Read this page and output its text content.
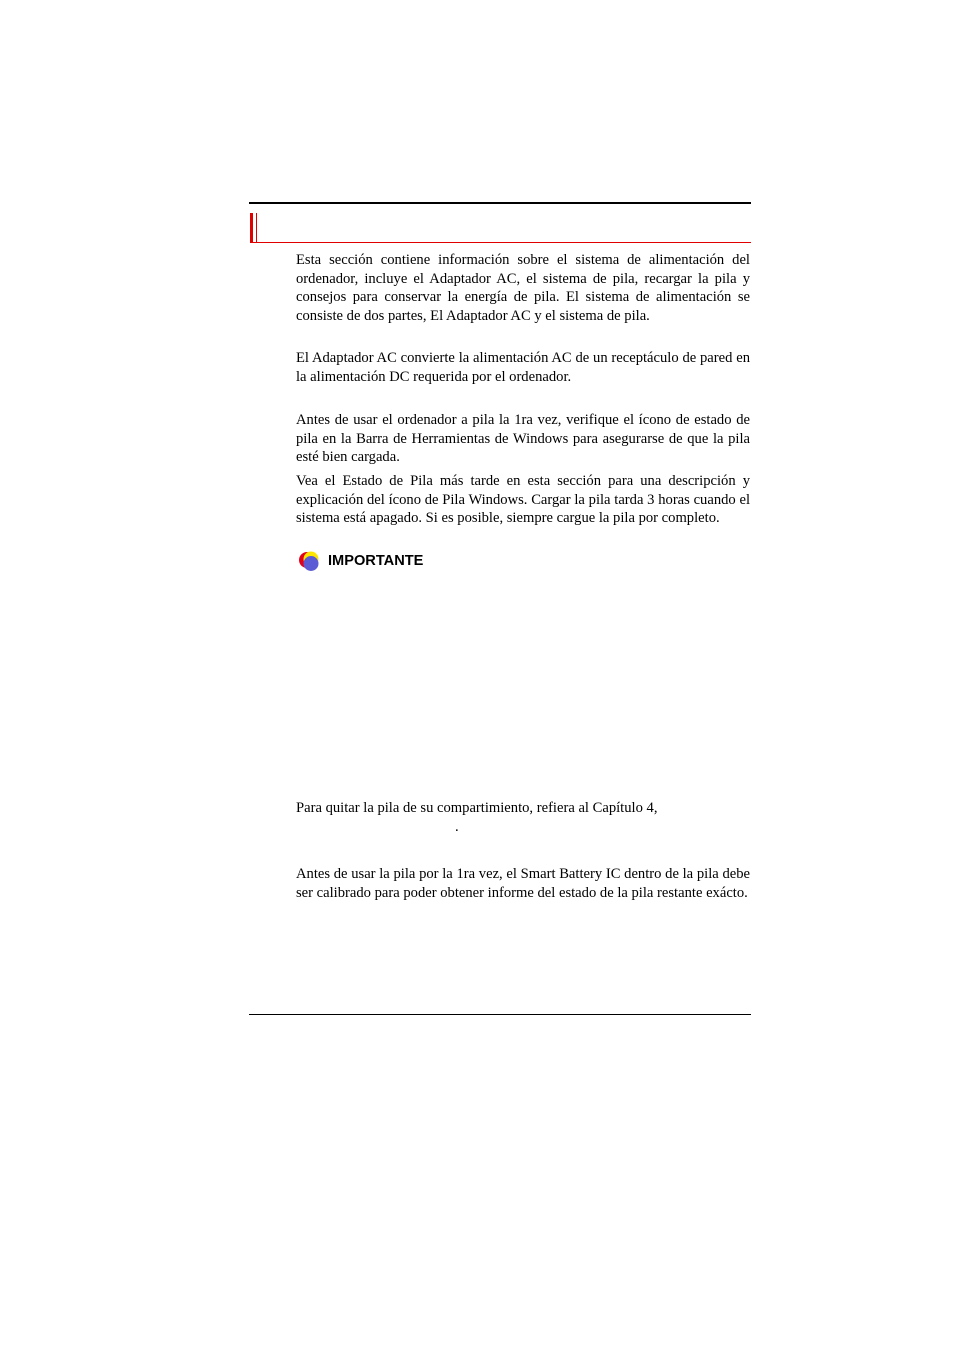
Esta sección contiene información sobre el sistema de alimentación del ordenador, incluye el Adaptador AC, el sistema de pila, recargar la pila y consejos para conservar la energía de pila. El sistema de alimentación se consiste de dos partes, El Adaptador AC y el sistema de pila.

El Adaptador AC convierte la alimentación AC de un receptáculo de pared en la alimentación DC requerida por el ordenador.

Antes de usar el ordenador a pila la 1ra vez, verifique el ícono de estado de pila en la Barra de Herramientas de Windows para asegurarse de que la pila esté bien cargada.

Vea el Estado de Pila más tarde en esta sección para una descripción y explicación del ícono de Pila Windows. Cargar la pila tarda 3 horas cuando el sistema está apagado. Si es posible, siempre cargue la pila por completo.

IMPORTANTE

Para quitar la pila de su compartimiento, refiera al Capítulo 4,

.

Antes de usar la pila por la 1ra vez, el Smart Battery IC dentro de la pila debe ser calibrado para poder obtener informe del estado de la pila restante exácto.
